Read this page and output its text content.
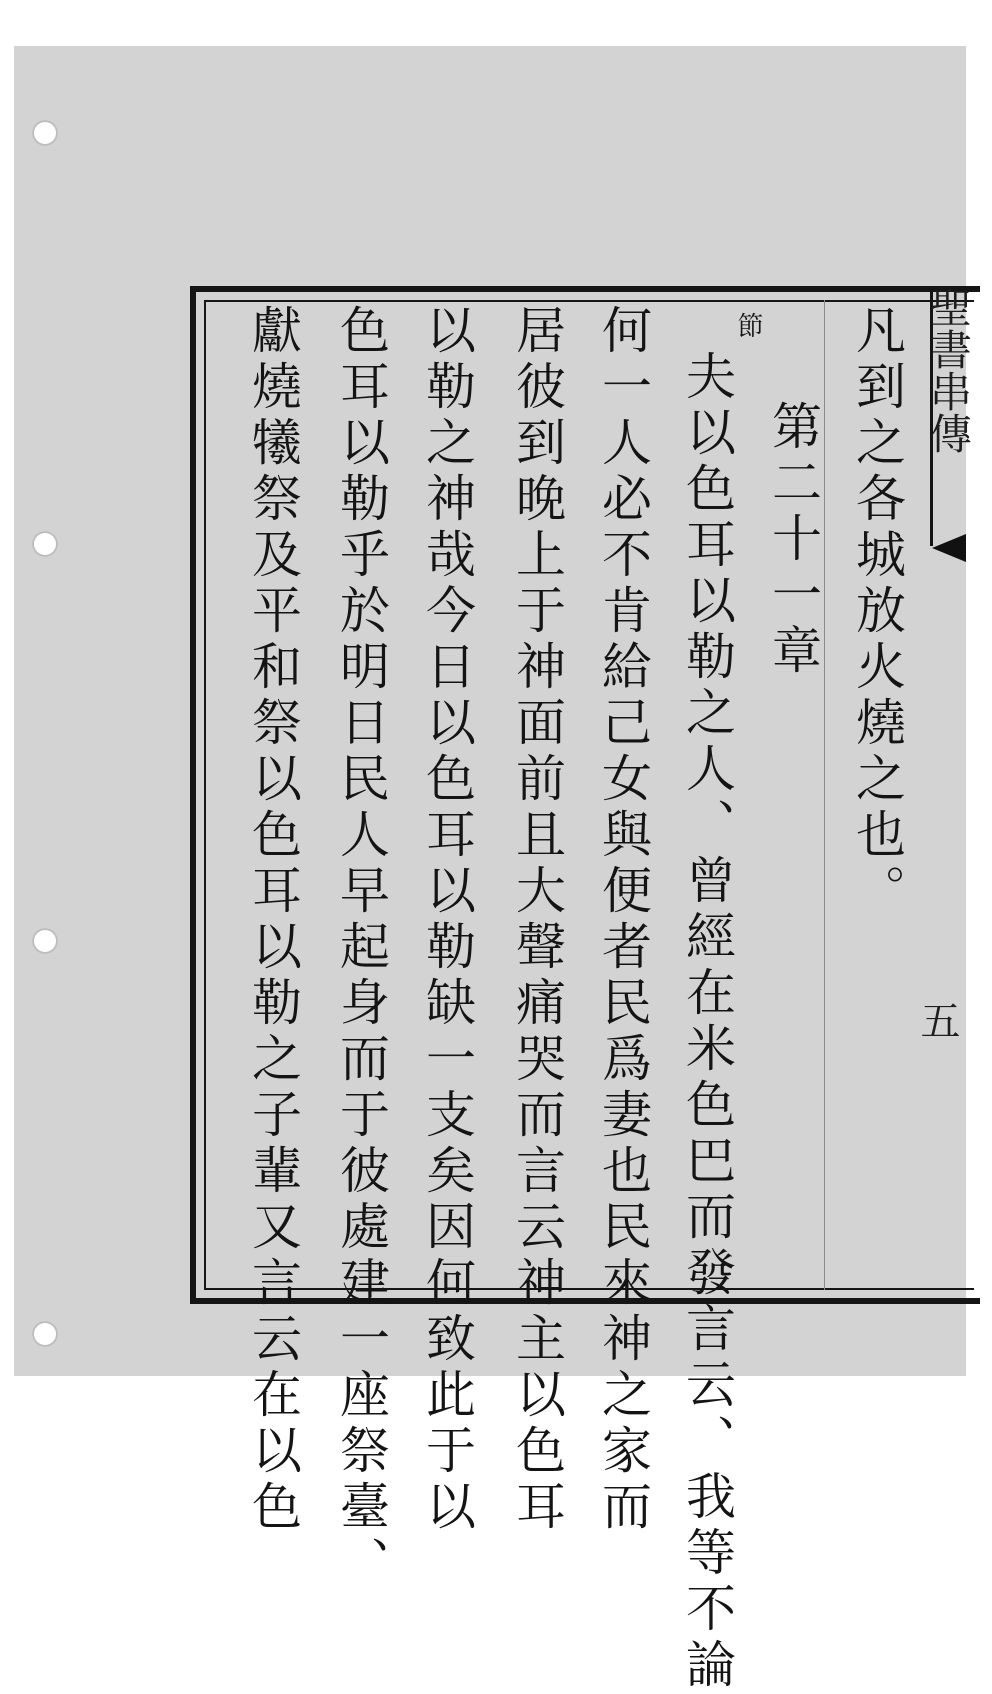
聖書串傳
五
節 凡到之各城放火燒之也。
第二十一章
夫以色耳以勒之人、曾經在米色巴而發言云、我等不論
何一人必不肯給己女與便者民爲妻也民來神之家而
居彼到晚上于神面前且大聲痛哭而言云神主以色耳
以勒之神哉今日以色耳以勒缺一支矣因何致此于以
色耳以勒乎於明日民人早起身而于彼處建一座祭臺、
獻燒犧祭及平和祭以色耳以勒之子輩又言云在以色
